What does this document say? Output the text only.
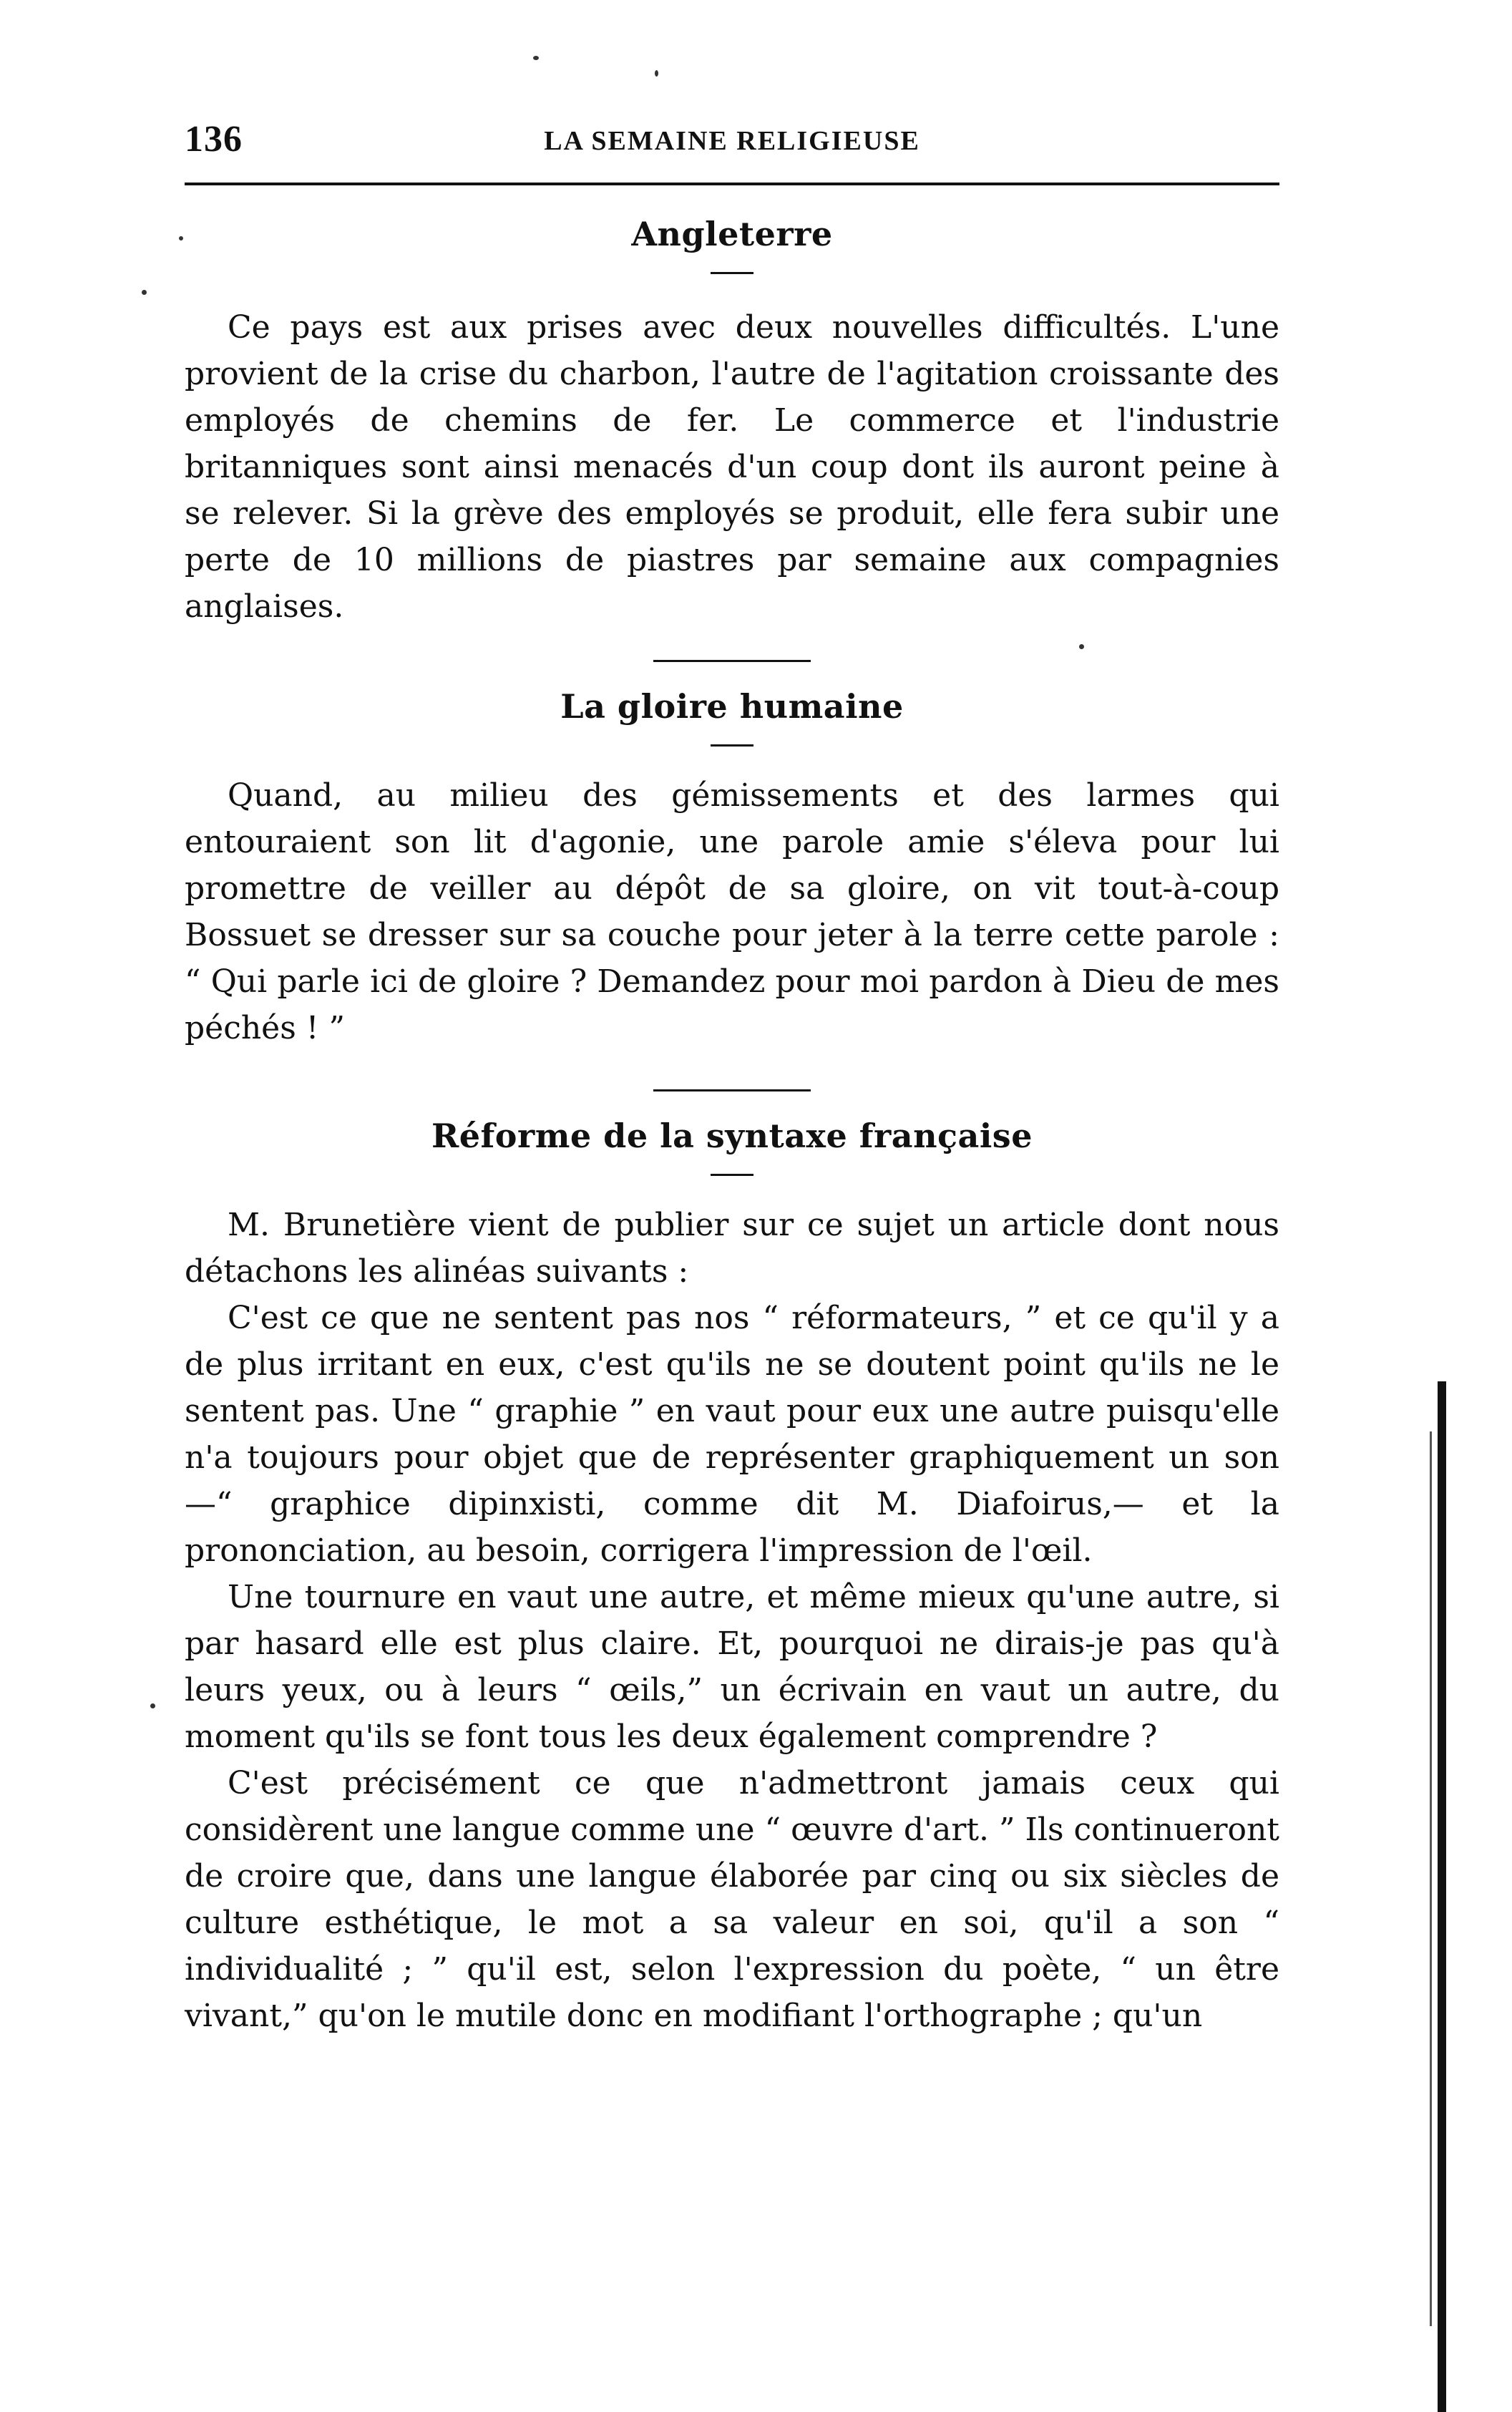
136	LA SEMAINE RELIGIEUSE
Angleterre

Ce pays est aux prises avec deux nouvelles difficultés. L'une provient de la crise du charbon, l'autre de l'agitation croissante des employés de chemins de fer. Le commerce et l'industrie britanniques sont ainsi menacés d'un coup dont ils auront peine à se relever. Si la grève des employés se produit, elle fera subir une perte de 10 millions de piastres par semaine aux compagnies anglaises.

La gloire humaine

Quand, au milieu des gémissements et des larmes qui entouraient son lit d'agonie, une parole amie s'éleva pour lui promettre de veiller au dépôt de sa gloire, on vit tout-à-coup Bossuet se dresser sur sa couche pour jeter à la terre cette parole : “ Qui parle ici de gloire ? Demandez pour moi pardon à Dieu de mes péchés ! ”

Réforme de la syntaxe française

M. Brunetière vient de publier sur ce sujet un article dont nous détachons les alinéas suivants :

C'est ce que ne sentent pas nos “ réformateurs, ” et ce qu'il y a de plus irritant en eux, c'est qu'ils ne se doutent point qu'ils ne le sentent pas. Une “ graphie ” en vaut pour eux une autre puisqu'elle n'a toujours pour objet que de représenter graphiquement un son—“ graphice dipinxisti, comme dit M. Diafoirus,— et la prononciation, au besoin, corrigera l'impression de l'œil.

Une tournure en vaut une autre, et même mieux qu'une autre, si par hasard elle est plus claire. Et, pourquoi ne dirais-je pas qu'à leurs yeux, ou à leurs “ œils,” un écrivain en vaut un autre, du moment qu'ils se font tous les deux également comprendre ?

C'est précisément ce que n'admettront jamais ceux qui considèrent une langue comme une “ œuvre d'art. ” Ils continueront de croire que, dans une langue élaborée par cinq ou six siècles de culture esthétique, le mot a sa valeur en soi, qu'il a son “ individualité ; ” qu'il est, selon l'expression du poète, “ un être vivant,” qu'on le mutile donc en modifiant l'orthographe ; qu'un
